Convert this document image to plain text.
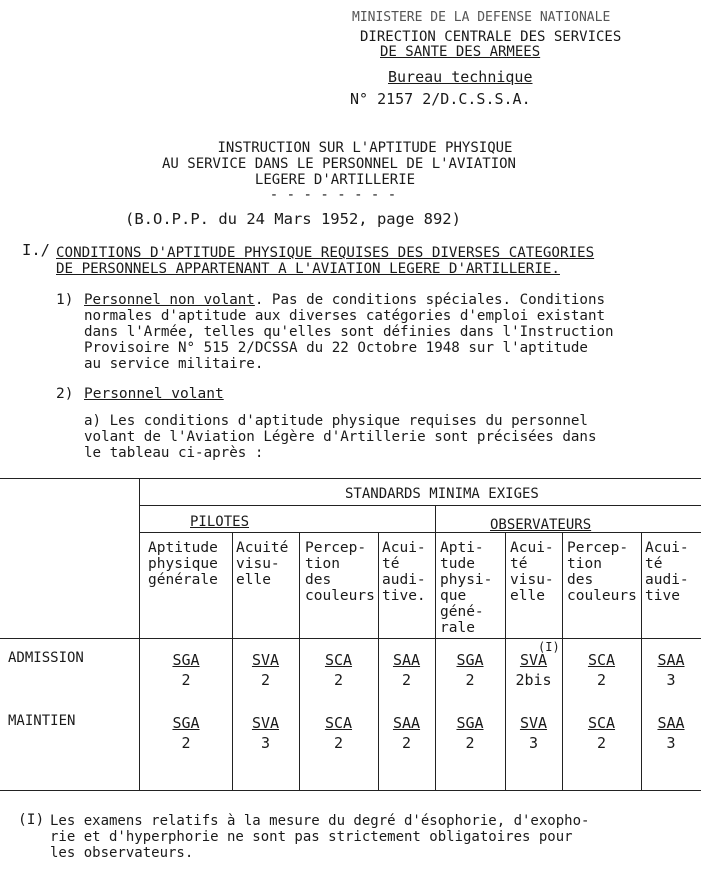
MINISTERE DE LA DEFENSE NATIONALE
DIRECTION CENTRALE DES SERVICES
DE SANTE DES ARMEES
Bureau technique
N° 2157 2/D.C.S.S.A.
INSTRUCTION SUR L'APTITUDE PHYSIQUE
AU SERVICE DANS LE PERSONNEL DE L'AVIATION
LEGERE D'ARTILLERIE
- - - - - - - -
(B.O.P.P. du 24 Mars 1952, page 892)
I./ CONDITIONS D'APTITUDE PHYSIQUE REQUISES DES DIVERSES CATEGORIES
DE PERSONNELS APPARTENANT A L'AVIATION LEGERE D'ARTILLERIE.
1) Personnel non volant. Pas de conditions spéciales. Conditions
normales d'aptitude aux diverses catégories d'emploi existant
dans l'Armée, telles qu'elles sont définies dans l'Instruction
Provisoire N° 515 2/DCSSA du 22 Octobre 1948 sur l'aptitude
au service militaire.
2) Personnel volant
a) Les conditions d'aptitude physique requises du personnel
volant de l'Aviation Légère d'Artillerie sont précisées dans
le tableau ci-après :
STANDARDS MINIMA EXIGES
PILOTES	OBSERVATEURS
Aptitude
physique
générale
Acuité
visu-
elle
Percep-
tion
des
couleurs
Acui-
té
audi-
tive.
Apti-
tude
physi-
que
géné-
rale
Acui-
té
visu-
elle
Percep-
tion
des
couleurs
Acui-
té
audi-
tive
ADMISSION
MAINTIEN
SGA
2
SVA
2
SCA
2
SAA
2
SGA
2
SVA
2bis
(I)
SCA
2
SAA
3
SGA
2
SVA
3
SCA
2
SAA
2
SGA
2
SVA
3
SCA
2
SAA
3
(I) Les examens relatifs à la mesure du degré d'ésophorie, d'exopho-
rie et d'hyperphorie ne sont pas strictement obligatoires pour
les observateurs.
